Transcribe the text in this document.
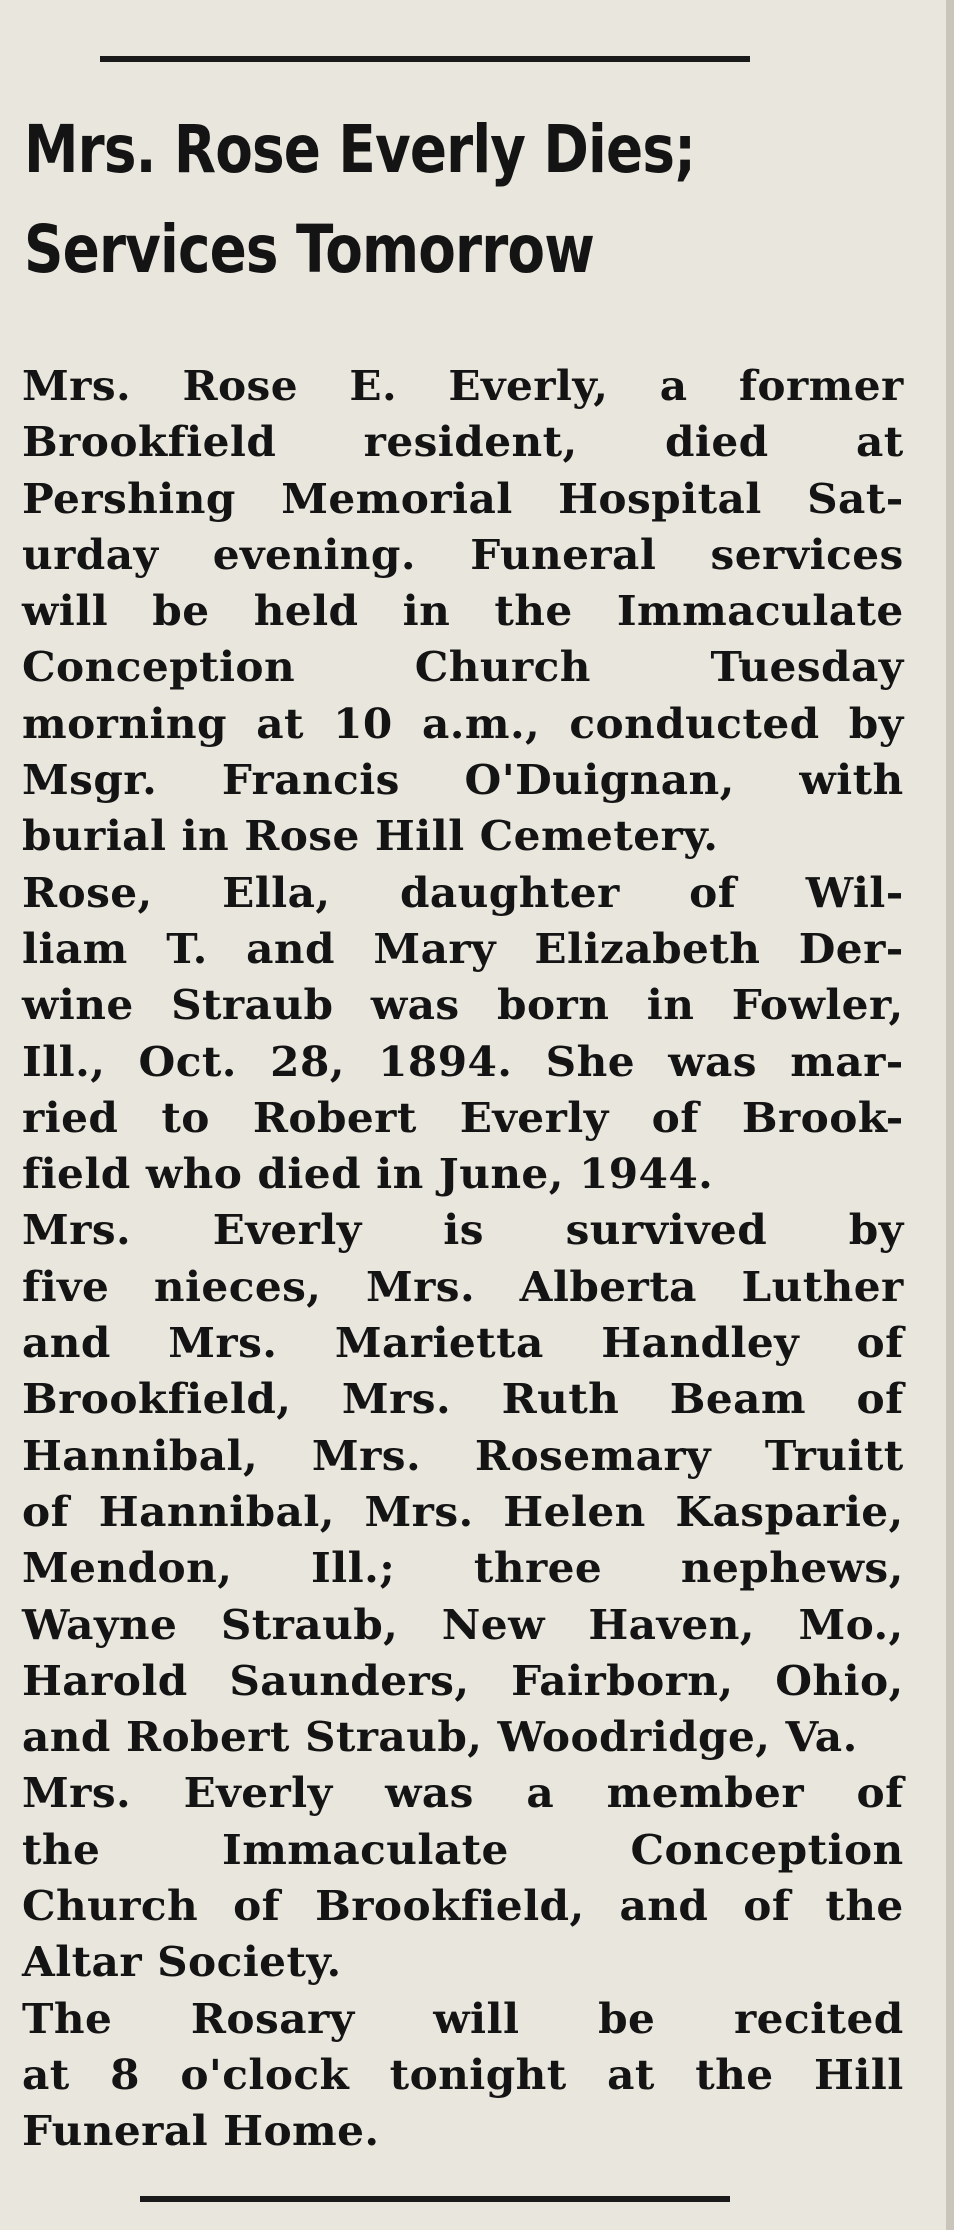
Mrs. Rose Everly Dies;
Services Tomorrow
Mrs. Rose E. Everly, a former
Brookfield resident, died at
Pershing Memorial Hospital Sat-
urday evening. Funeral services
will be held in the Immaculate
Conception Church Tuesday
morning at 10 a.m., conducted by
Msgr. Francis O'Duignan, with
burial in Rose Hill Cemetery.
Rose, Ella, daughter of Wil-
liam T. and Mary Elizabeth Der-
wine Straub was born in Fowler,
Ill., Oct. 28, 1894. She was mar-
ried to Robert Everly of Brook-
field who died in June, 1944.
Mrs. Everly is survived by
five nieces, Mrs. Alberta Luther
and Mrs. Marietta Handley of
Brookfield, Mrs. Ruth Beam of
Hannibal, Mrs. Rosemary Truitt
of Hannibal, Mrs. Helen Kasparie,
Mendon, Ill.; three nephews,
Wayne Straub, New Haven, Mo.,
Harold Saunders, Fairborn, Ohio,
and Robert Straub, Woodridge, Va.
Mrs. Everly was a member of
the Immaculate Conception
Church of Brookfield, and of the
Altar Society.
The Rosary will be recited
at 8 o'clock tonight at the Hill
Funeral Home.
